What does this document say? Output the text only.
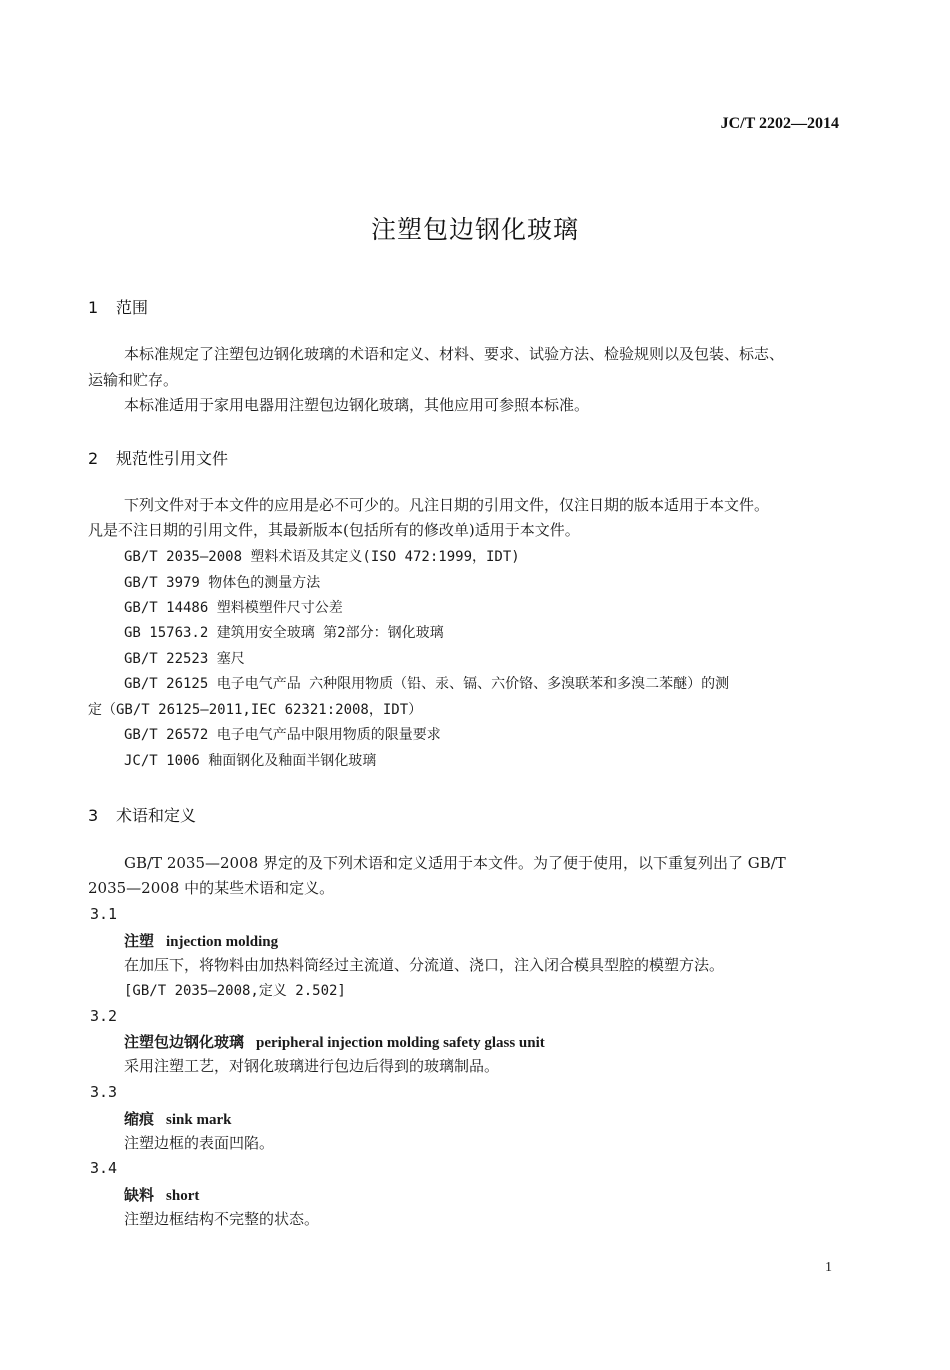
JC/T 2202—2014
注塑包边钢化玻璃
1 范围
本标准规定了注塑包边钢化玻璃的术语和定义、材料、要求、试验方法、检验规则以及包装、标志、
运输和贮存。
本标准适用于家用电器用注塑包边钢化玻璃，其他应用可参照本标准。
2 规范性引用文件
下列文件对于本文件的应用是必不可少的。凡注日期的引用文件，仅注日期的版本适用于本文件。
凡是不注日期的引用文件，其最新版本(包括所有的修改单)适用于本文件。
GB/T 2035—2008 塑料术语及其定义(ISO 472:1999，IDT)
GB/T 3979 物体色的测量方法
GB/T 14486 塑料模塑件尺寸公差
GB 15763.2 建筑用安全玻璃 第2部分：钢化玻璃
GB/T 22523 塞尺
GB/T 26125 电子电气产品 六种限用物质（铅、汞、镉、六价铬、多溴联苯和多溴二苯醚）的测
定（GB/T 26125—2011,IEC 62321:2008，IDT）
GB/T 26572 电子电气产品中限用物质的限量要求
JC/T 1006 釉面钢化及釉面半钢化玻璃
3 术语和定义
GB/T 2035—2008 界定的及下列术语和定义适用于本文件。为了便于使用，以下重复列出了 GB/T
2035—2008 中的某些术语和定义。
3.1
注塑 injection molding
在加压下，将物料由加热料筒经过主流道、分流道、浇口，注入闭合模具型腔的模塑方法。
[GB/T 2035—2008,定义 2.502]
3.2
注塑包边钢化玻璃 peripheral injection molding safety glass unit
采用注塑工艺，对钢化玻璃进行包边后得到的玻璃制品。
3.3
缩痕 sink mark
注塑边框的表面凹陷。
3.4
缺料 short
注塑边框结构不完整的状态。
1
